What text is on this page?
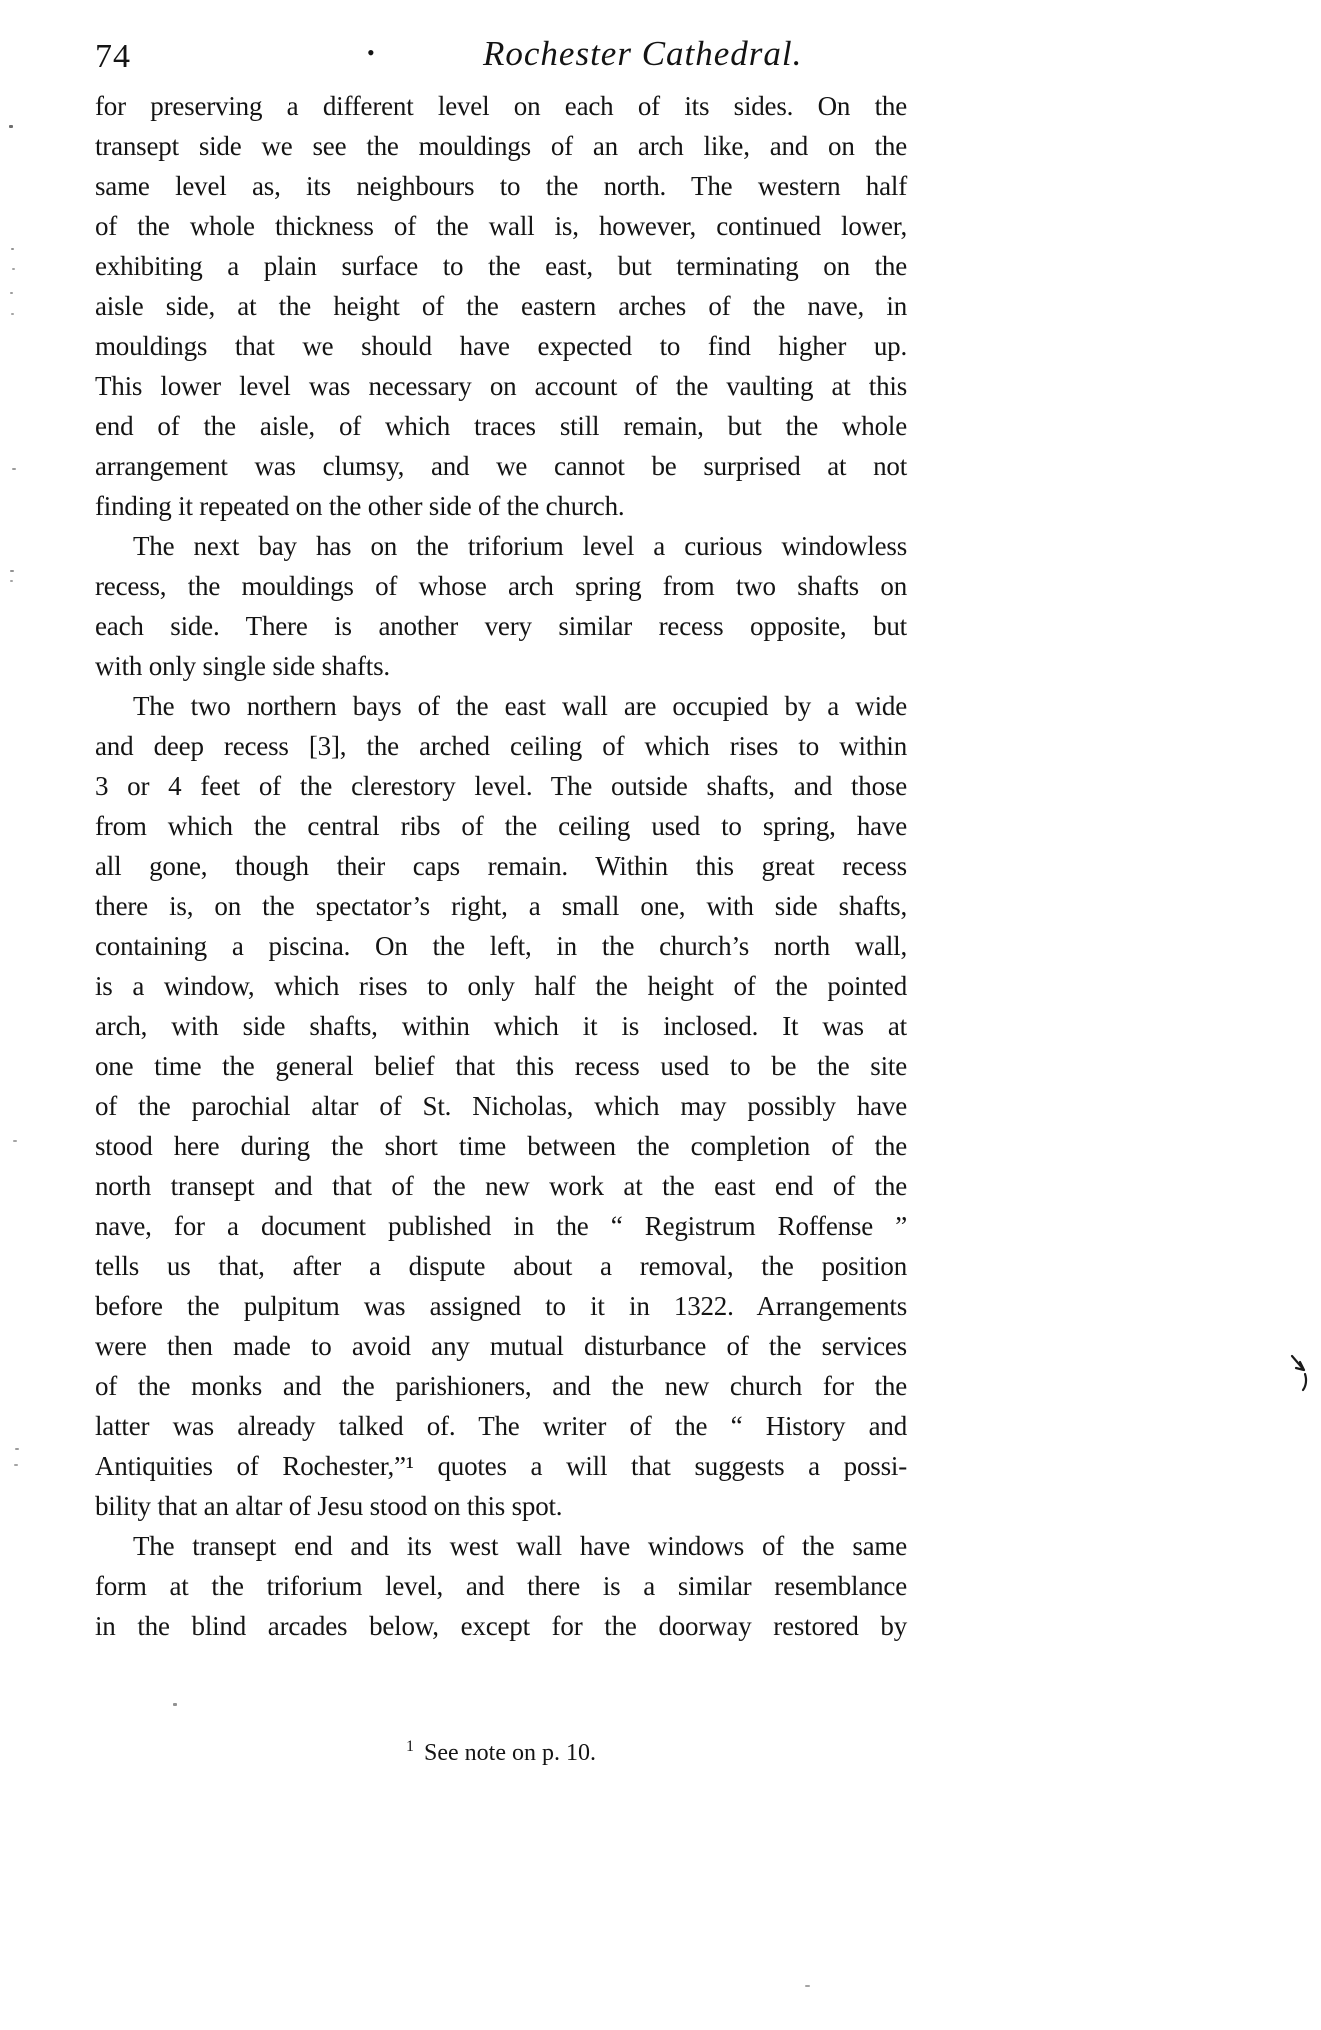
74	•	Rochester Cathedral.
for preserving a different level on each of its sides. On the
transept side we see the mouldings of an arch like, and on the
same level as, its neighbours to the north. The western half
of the whole thickness of the wall is, however, continued lower,
exhibiting a plain surface to the east, but terminating on the
aisle side, at the height of the eastern arches of the nave, in
mouldings that we should have expected to find higher up.
This lower level was necessary on account of the vaulting at this
end of the aisle, of which traces still remain, but the whole
arrangement was clumsy, and we cannot be surprised at not
finding it repeated on the other side of the church.
The next bay has on the triforium level a curious windowless
recess, the mouldings of whose arch spring from two shafts on
each side. There is another very similar recess opposite, but
with only single side shafts.
The two northern bays of the east wall are occupied by a wide
and deep recess [3], the arched ceiling of which rises to within
3 or 4 feet of the clerestory level. The outside shafts, and those
from which the central ribs of the ceiling used to spring, have
all gone, though their caps remain. Within this great recess
there is, on the spectator’s right, a small one, with side shafts,
containing a piscina. On the left, in the church’s north wall,
is a window, which rises to only half the height of the pointed
arch, with side shafts, within which it is inclosed. It was at
one time the general belief that this recess used to be the site
of the parochial altar of St. Nicholas, which may possibly have
stood here during the short time between the completion of the
north transept and that of the new work at the east end of the
nave, for a document published in the “ Registrum Roffense ”
tells us that, after a dispute about a removal, the position
before the pulpitum was assigned to it in 1322. Arrangements
were then made to avoid any mutual disturbance of the services
of the monks and the parishioners, and the new church for the
latter was already talked of. The writer of the “ History and
Antiquities of Rochester,”¹ quotes a will that suggests a possi-
bility that an altar of Jesu stood on this spot.
The transept end and its west wall have windows of the same
form at the triforium level, and there is a similar resemblance
in the blind arcades below, except for the doorway restored by
$^1$ See note on p. 10.
